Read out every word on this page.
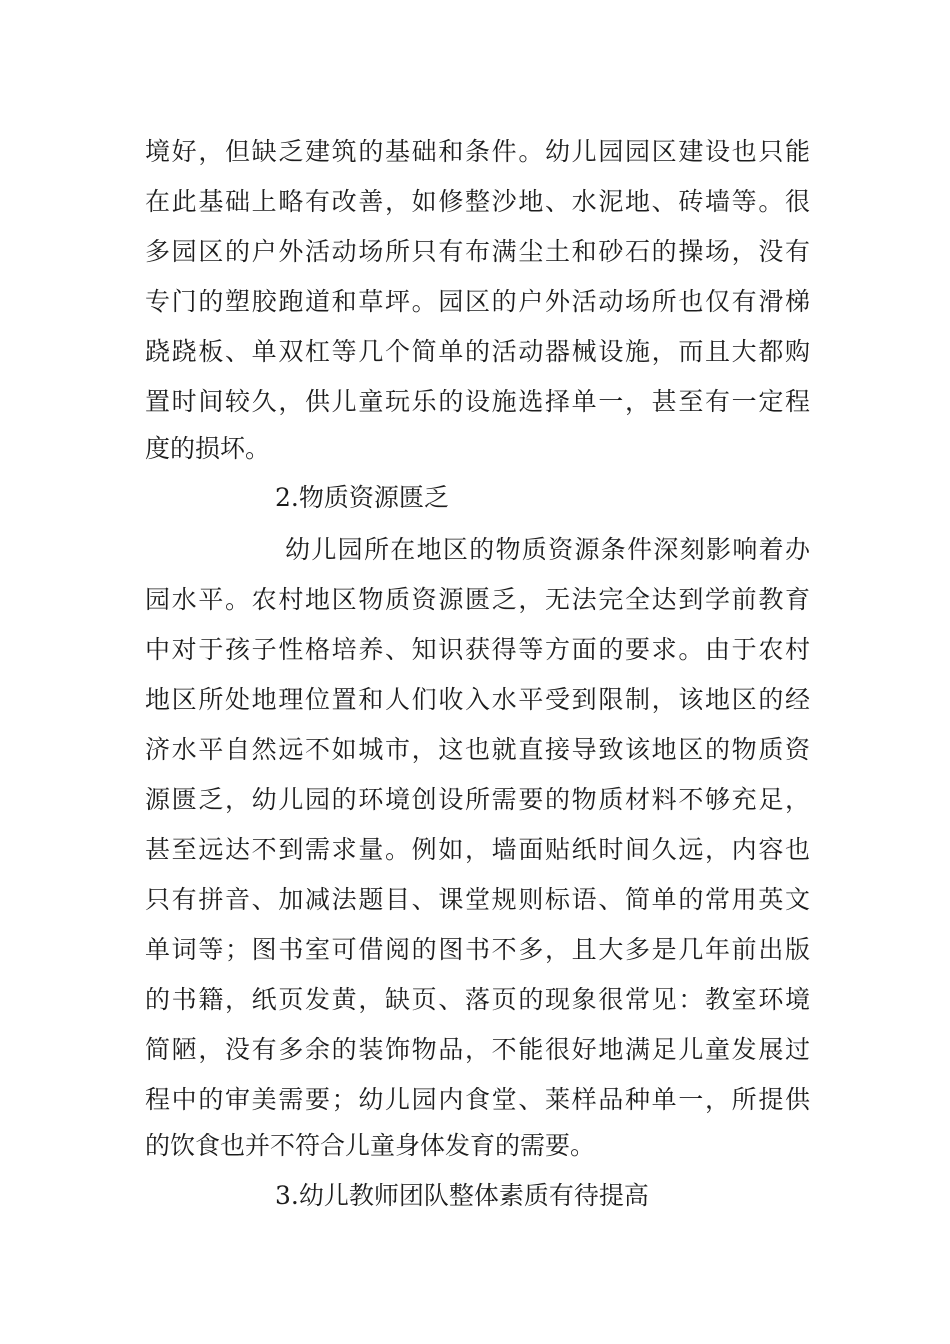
境好，但缺乏建筑的基础和条件。幼儿园园区建设也只能
在此基础上略有改善，如修整沙地、水泥地、砖墙等。很
多园区的户外活动场所只有布满尘土和砂石的操场，没有
专门的塑胶跑道和草坪。园区的户外活动场所也仅有滑梯
跷跷板、单双杠等几个简单的活动器械设施，而且大都购
置时间较久，供儿童玩乐的设施选择单一，甚至有一定程
度的损坏。
2.物质资源匮乏
幼儿园所在地区的物质资源条件深刻影响着办
园水平。农村地区物质资源匮乏，无法完全达到学前教育
中对于孩子性格培养、知识获得等方面的要求。由于农村
地区所处地理位置和人们收入水平受到限制，该地区的经
济水平自然远不如城市，这也就直接导致该地区的物质资
源匮乏，幼儿园的环境创设所需要的物质材料不够充足，
甚至远达不到需求量。例如，墙面贴纸时间久远，内容也
只有拼音、加减法题目、课堂规则标语、简单的常用英文
单词等；图书室可借阅的图书不多，且大多是几年前出版
的书籍，纸页发黄，缺页、落页的现象很常见：教室环境
简陋，没有多余的装饰物品，不能很好地满足儿童发展过
程中的审美需要；幼儿园内食堂、莱样品种单一，所提供
的饮食也并不符合儿童身体发育的需要。
3.幼儿教师团队整体素质有待提高
